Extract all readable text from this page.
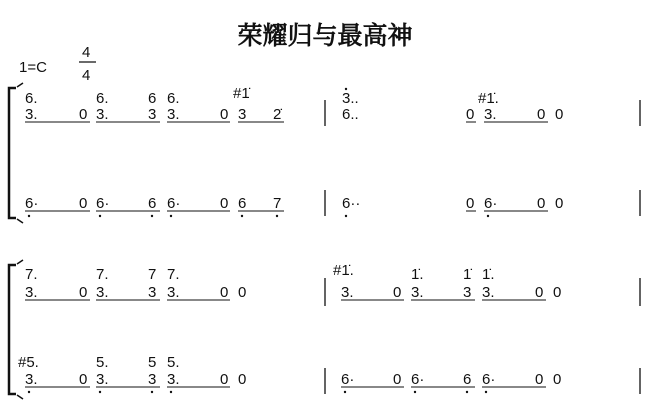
荣耀归与最高神
1=C
4
4
6.	6.	6 6.	#1̇	3..	#1̇.
3.	0 3.	3 3.	0 3 2̇	6..	0 3.	0 0
6·	0 6·	6 6·	0 6 7	6··	0 6·	0 0
7.	7.	7 7.	#1̇.	1̇.	1̇ 1̇.
3.	0 3.	3 3.	0 0	3.	0 3.	3 3.	0 0
#5.	5.	5 5.
3.	0 3.	3 3.	0 0	6·	0 6·	6 6·	0 0
